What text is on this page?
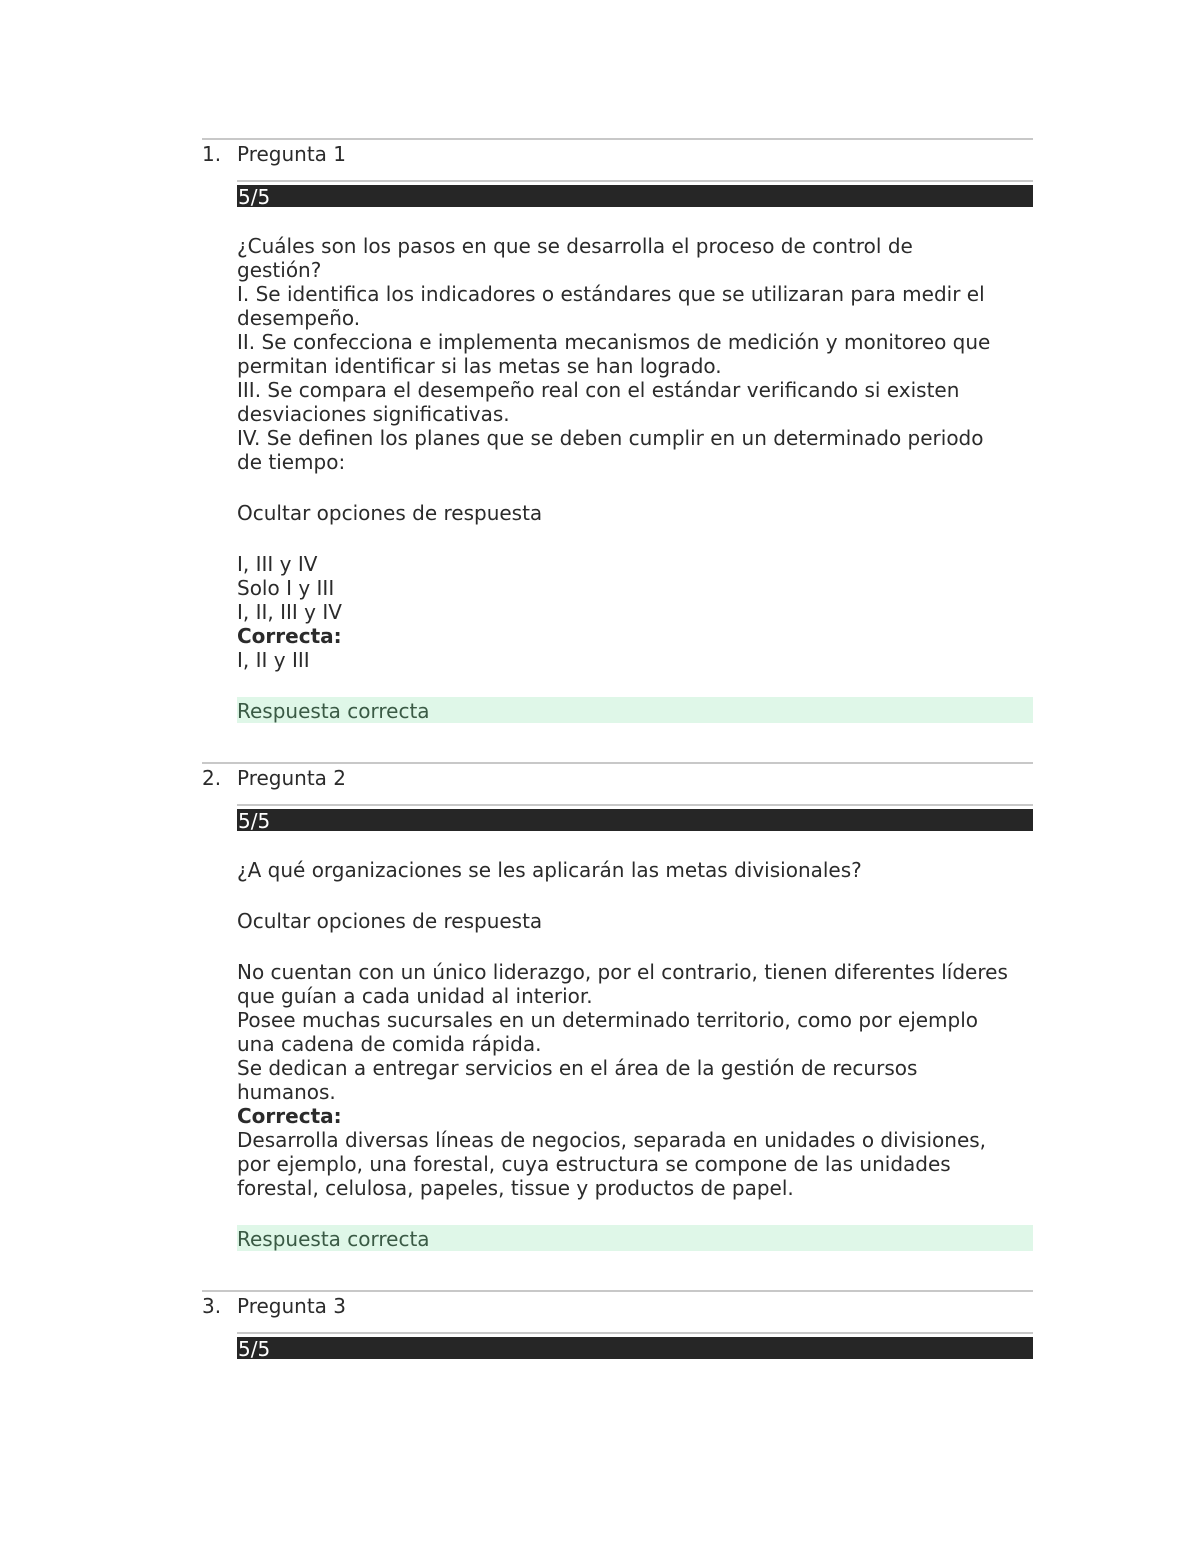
1. Pregunta 1
5/5
¿Cuáles son los pasos en que se desarrolla el proceso de control de
gestión?
I. Se identifica los indicadores o estándares que se utilizaran para medir el
desempeño.
II. Se confecciona e implementa mecanismos de medición y monitoreo que
permitan identificar si las metas se han logrado.
III. Se compara el desempeño real con el estándar verificando si existen
desviaciones significativas.
IV. Se definen los planes que se deben cumplir en un determinado periodo
de tiempo:
Ocultar opciones de respuesta
I, III y IV
Solo I y III
I, II, III y IV
Correcta:
I, II y III
Respuesta correcta
2. Pregunta 2
5/5
¿A qué organizaciones se les aplicarán las metas divisionales?
Ocultar opciones de respuesta
No cuentan con un único liderazgo, por el contrario, tienen diferentes líderes
que guían a cada unidad al interior.
Posee muchas sucursales en un determinado territorio, como por ejemplo
una cadena de comida rápida.
Se dedican a entregar servicios en el área de la gestión de recursos
humanos.
Correcta:
Desarrolla diversas líneas de negocios, separada en unidades o divisiones,
por ejemplo, una forestal, cuya estructura se compone de las unidades
forestal, celulosa, papeles, tissue y productos de papel.
Respuesta correcta
3. Pregunta 3
5/5
